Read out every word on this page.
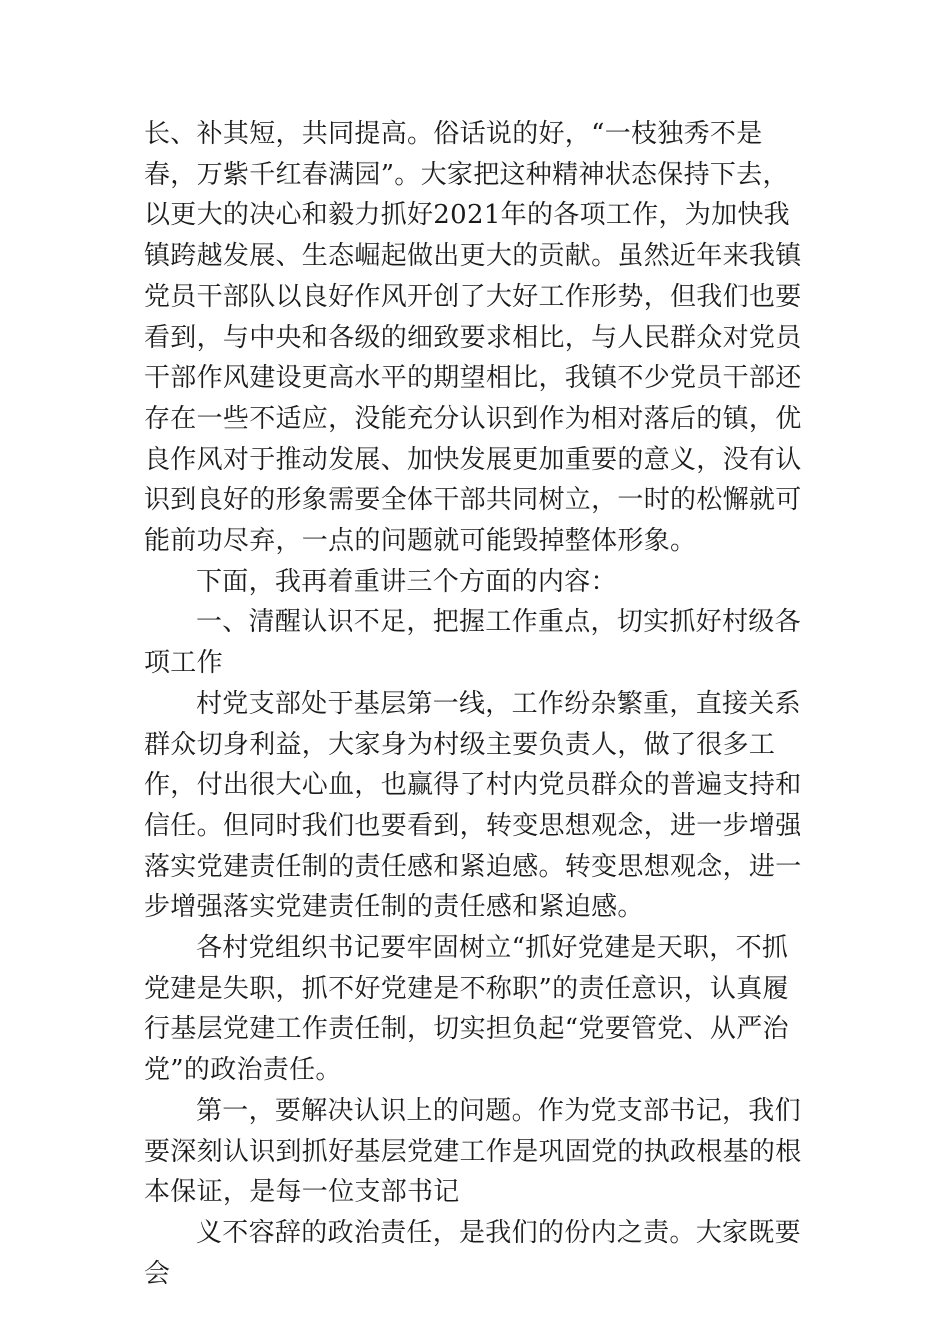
长、补其短，共同提高。俗话说的好，“一枝独秀不是春，万紫千红春满园”。大家把这种精神状态保持下去，以更大的决心和毅力抓好2021年的各项工作，为加快我镇跨越发展、生态崛起做出更大的贡献。虽然近年来我镇党员干部队以良好作风开创了大好工作形势，但我们也要看到，与中央和各级的细致要求相比，与人民群众对党员干部作风建设更高水平的期望相比，我镇不少党员干部还存在一些不适应，没能充分认识到作为相对落后的镇，优良作风对于推动发展、加快发展更加重要的意义，没有认识到良好的形象需要全体干部共同树立，一时的松懈就可能前功尽弃，一点的问题就可能毁掉整体形象。

下面，我再着重讲三个方面的内容：

一、清醒认识不足，把握工作重点，切实抓好村级各项工作

村党支部处于基层第一线，工作纷杂繁重，直接关系群众切身利益，大家身为村级主要负责人，做了很多工作，付出很大心血，也赢得了村内党员群众的普遍支持和信任。但同时我们也要看到，转变思想观念，进一步增强落实党建责任制的责任感和紧迫感。转变思想观念，进一步增强落实党建责任制的责任感和紧迫感。

各村党组织书记要牢固树立“抓好党建是天职，不抓党建是失职，抓不好党建是不称职”的责任意识，认真履行基层党建工作责任制，切实担负起“党要管党、从严治党”的政治责任。

第一，要解决认识上的问题。作为党支部书记，我们要深刻认识到抓好基层党建工作是巩固党的执政根基的根本保证，是每一位支部书记

义不容辞的政治责任，是我们的份内之责。大家既要会
